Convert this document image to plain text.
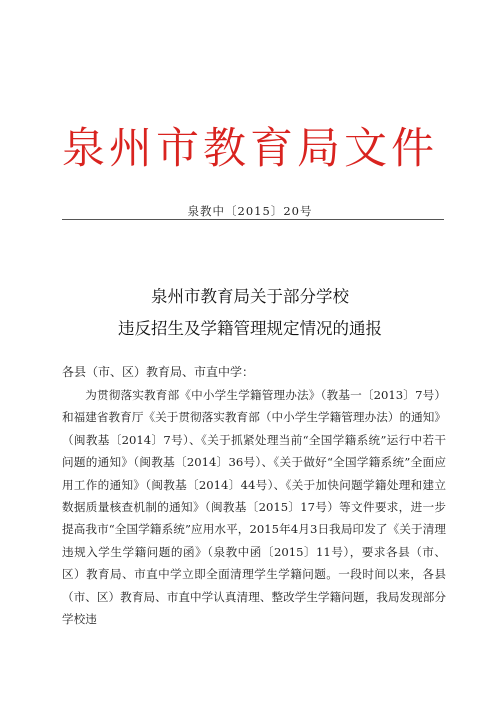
泉州市教育局文件
泉教中〔2015〕20号
泉州市教育局关于部分学校
违反招生及学籍管理规定情况的通报
各县（市、区）教育局、市直中学：
为贯彻落实教育部《中小学生学籍管理办法》（教基一〔2013〕7号）和福建省教育厅《关于贯彻落实教育部（中小学生学籍管理办法）的通知》（闽教基〔2014〕7号）、《关于抓紧处理当前“全国学籍系统”运行中若干问题的通知》（闽教基〔2014〕36号）、《关于做好“全国学籍系统”全面应用工作的通知》（闽教基〔2014〕44号）、《关于加快问题学籍处理和建立数据质量核查机制的通知》（闽教基〔2015〕17号）等文件要求，进一步提高我市“全国学籍系统”应用水平，2015年4月3日我局印发了《关于清理违规入学生学籍问题的函》（泉教中函〔2015〕11号），要求各县（市、区）教育局、市直中学立即全面清理学生学籍问题。一段时间以来，各县（市、区）教育局、市直中学认真清理、整改学生学籍问题，我局发现部分学校违
